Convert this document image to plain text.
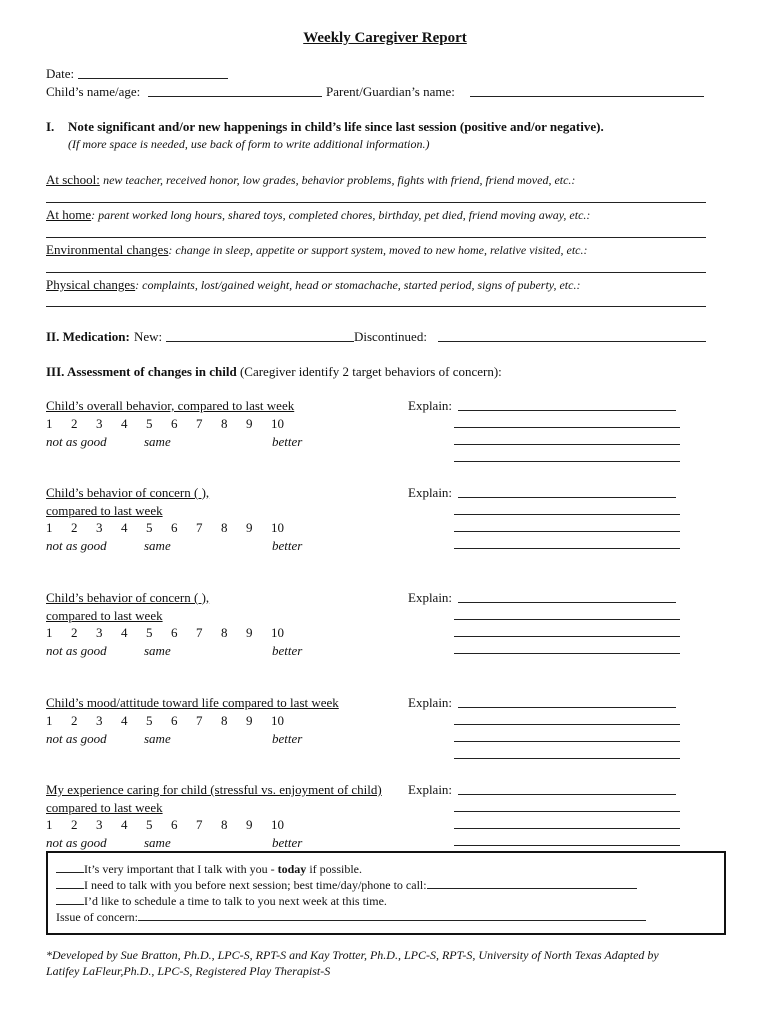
Weekly Caregiver Report
Date:
Child’s name/age:	Parent/Guardian’s name:
I. Note significant and/or new happenings in child’s life since last session (positive and/or negative).
(If more space is needed, use back of form to write additional information.)
At school: new teacher, received honor, low grades, behavior problems, fights with friend, friend moved, etc.:
At home: parent worked long hours, shared toys, completed chores, birthday, pet died, friend moving away, etc.:
Environmental changes: change in sleep, appetite or support system, moved to new home, relative visited, etc.:
Physical changes: complaints, lost/gained weight, head or stomachache, started period, signs of puberty, etc.:
II. Medication: New:	Discontinued:
III. Assessment of changes in child (Caregiver identify 2 target behaviors of concern):
Child’s overall behavior, compared to last week
1	2	3	4	5	6	7	8	9	10
not as good	same	better
Explain:
Child’s behavior of concern ( ),
compared to last week
1	2	3	4	5	6	7	8	9	10
not as good	same	better
Explain:
Child’s behavior of concern ( ),
compared to last week
1	2	3	4	5	6	7	8	9	10
not as good	same	better
Explain:
Child’s mood/attitude toward life compared to last week
1	2	3	4	5	6	7	8	9	10
not as good	same	better
Explain:
My experience caring for child (stressful vs. enjoyment of child)
compared to last week
1	2	3	4	5	6	7	8	9	10
not as good	same	better
Explain:
It’s very important that I talk with you - today if possible.
I need to talk with you before next session; best time/day/phone to call:
I’d like to schedule a time to talk to you next week at this time.
Issue of concern:
*Developed by Sue Bratton, Ph.D., LPC-S, RPT-S and Kay Trotter, Ph.D., LPC-S, RPT-S, University of North Texas Adapted by
Latifey LaFleur,Ph.D., LPC-S, Registered Play Therapist-S
